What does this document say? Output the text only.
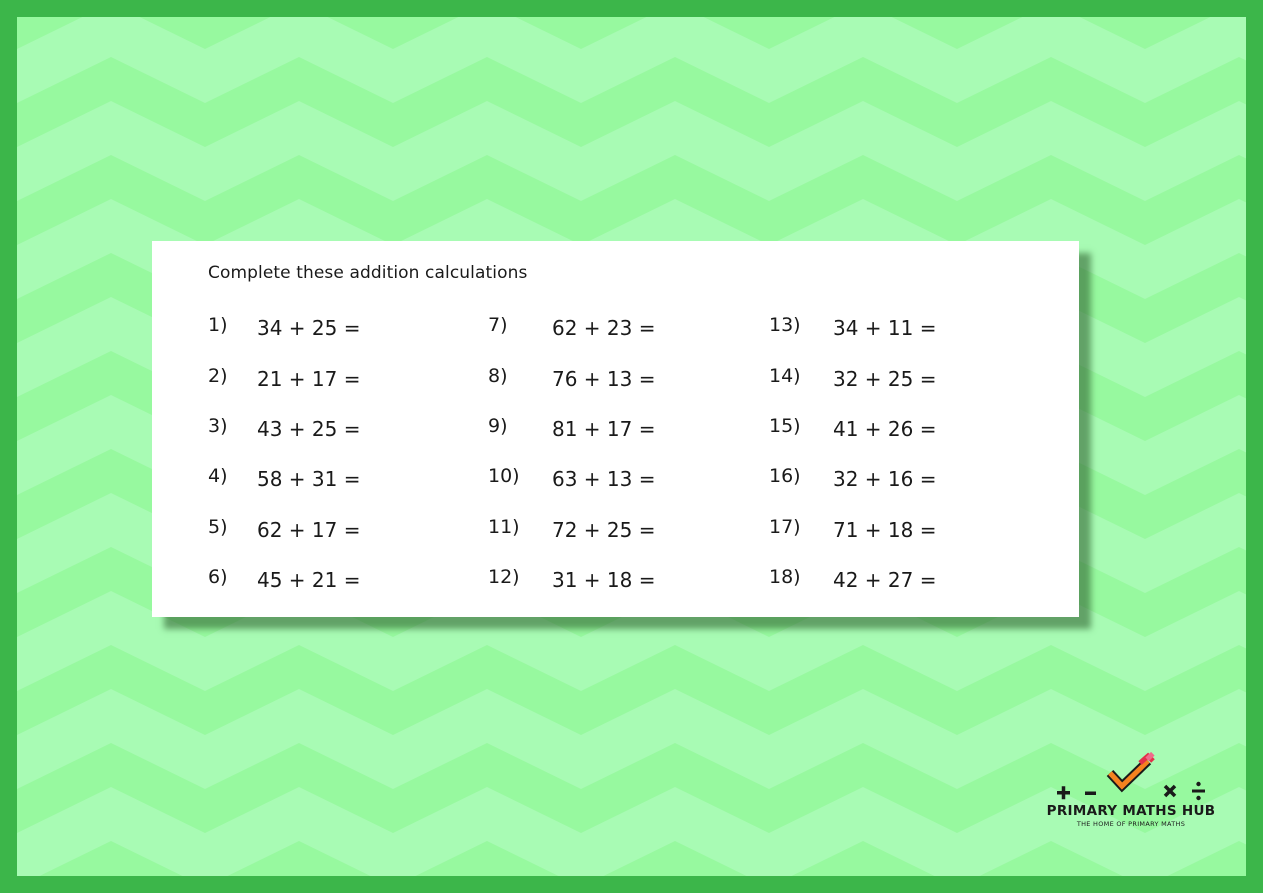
Complete these addition calculations
1) 34 + 25 =
2) 21 + 17 =
3) 43 + 25 =
4) 58 + 31 =
5) 62 + 17 =
6) 45 + 21 =
7) 62 + 23 =
8) 76 + 13 =
9) 81 + 17 =
10) 63 + 13 =
11) 72 + 25 =
12) 31 + 18 =
13) 34 + 11 =
14) 32 + 25 =
15) 41 + 26 =
16) 32 + 16 =
17) 71 + 18 =
18) 42 + 27 =
PRIMARY MATHS HUB
THE HOME OF PRIMARY MATHS
